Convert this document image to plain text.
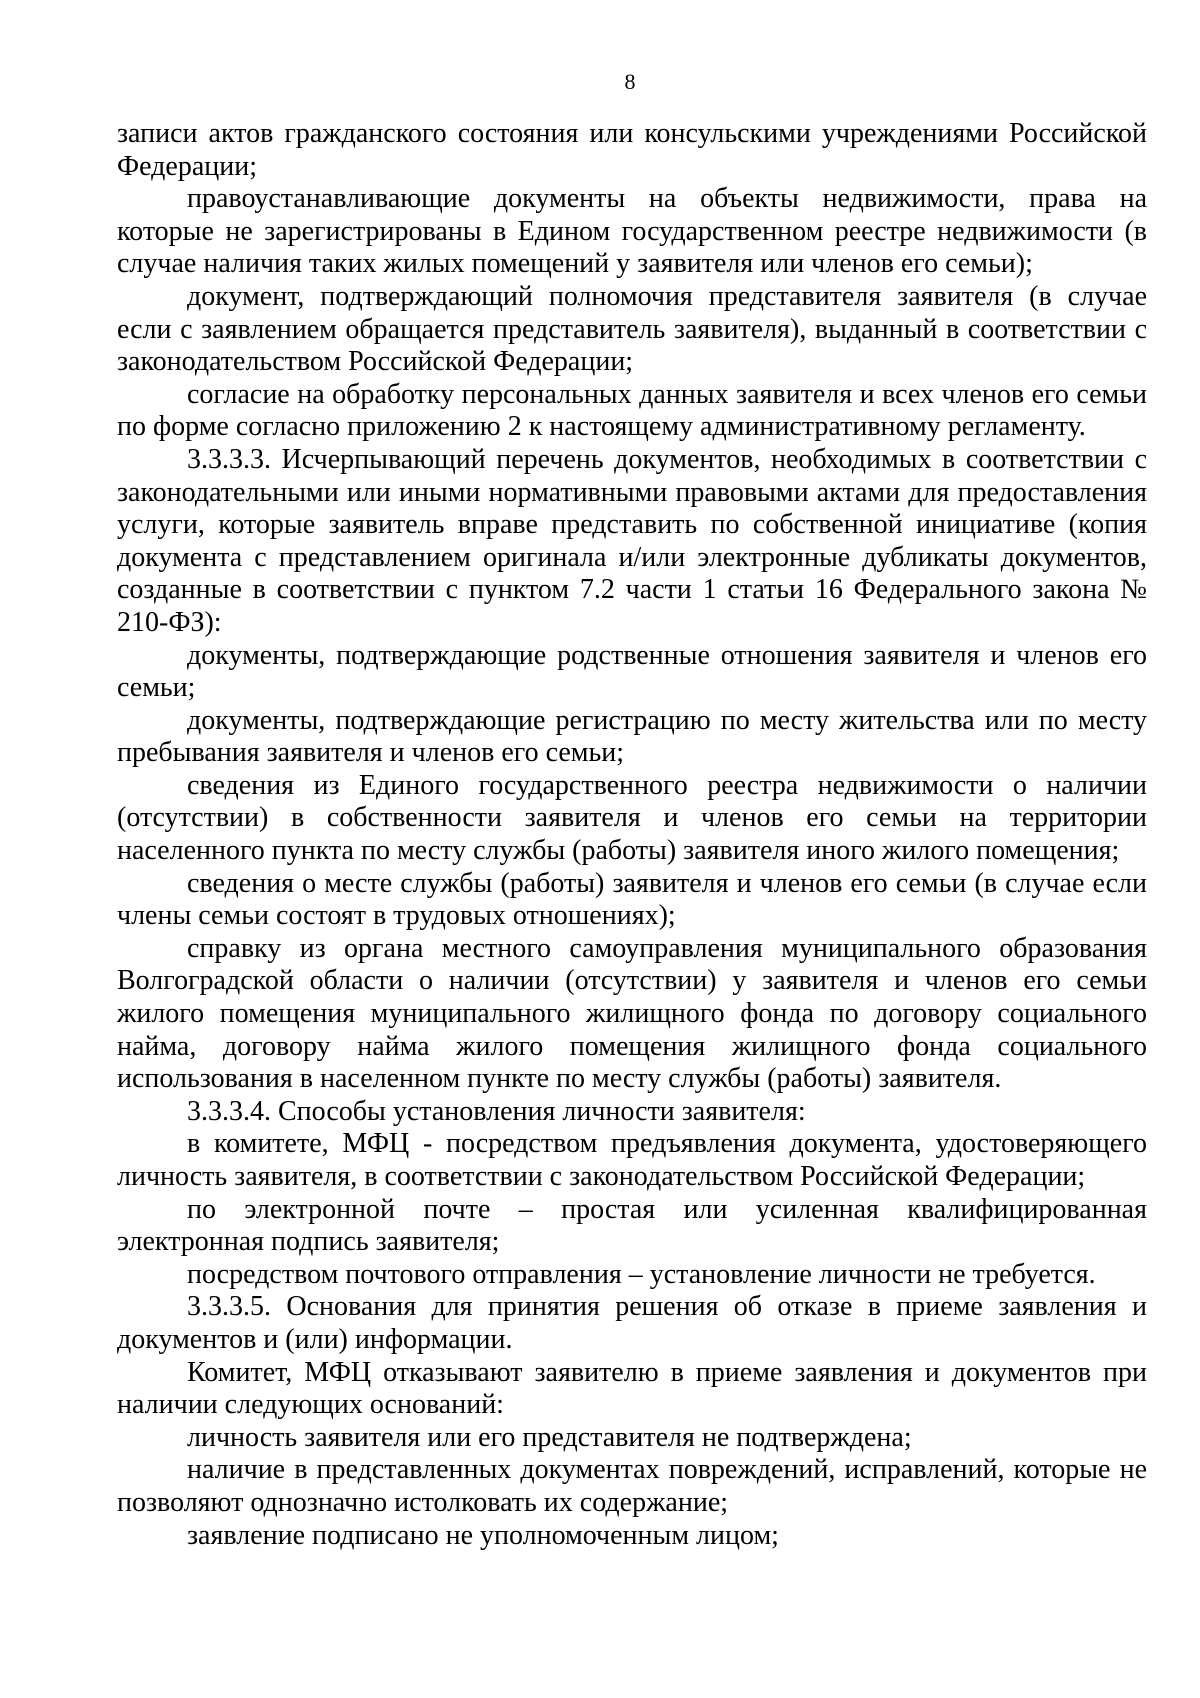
8

записи актов гражданского состояния или консульскими учреждениями Российской Федерации;

правоустанавливающие документы на объекты недвижимости, права на которые не зарегистрированы в Едином государственном реестре недвижимости (в случае наличия таких жилых помещений у заявителя или членов его семьи);

документ, подтверждающий полномочия представителя заявителя (в случае если с заявлением обращается представитель заявителя), выданный в соответствии с законодательством Российской Федерации;

согласие на обработку персональных данных заявителя и всех членов его семьи по форме согласно приложению 2 к настоящему административному регламенту.

3.3.3.3. Исчерпывающий перечень документов, необходимых в соответствии с законодательными или иными нормативными правовыми актами для предоставления услуги, которые заявитель вправе представить по собственной инициативе (копия документа с представлением оригинала и/или электронные дубликаты документов, созданные в соответствии с пунктом 7.2 части 1 статьи 16 Федерального закона № 210-ФЗ):

документы, подтверждающие родственные отношения заявителя и членов его семьи;

документы, подтверждающие регистрацию по месту жительства или по месту пребывания заявителя и членов его семьи;

сведения из Единого государственного реестра недвижимости о наличии (отсутствии) в собственности заявителя и членов его семьи на территории населенного пункта по месту службы (работы) заявителя иного жилого помещения;

сведения о месте службы (работы) заявителя и членов его семьи (в случае если члены семьи состоят в трудовых отношениях);

справку из органа местного самоуправления муниципального образования Волгоградской области о наличии (отсутствии) у заявителя и членов его семьи жилого помещения муниципального жилищного фонда по договору социального найма, договору найма жилого помещения жилищного фонда социального использования в населенном пункте по месту службы (работы) заявителя.

3.3.3.4. Способы установления личности заявителя:

в комитете, МФЦ - посредством предъявления документа, удостоверяющего личность заявителя, в соответствии с законодательством Российской Федерации;

по электронной почте – простая или усиленная квалифицированная электронная подпись заявителя;

посредством почтового отправления – установление личности не требуется.

3.3.3.5. Основания для принятия решения об отказе в приеме заявления и документов и (или) информации.

Комитет, МФЦ отказывают заявителю в приеме заявления и документов при наличии следующих оснований:

личность заявителя или его представителя не подтверждена;

наличие в представленных документах повреждений, исправлений, которые не позволяют однозначно истолковать их содержание;

заявление подписано не уполномоченным лицом;
